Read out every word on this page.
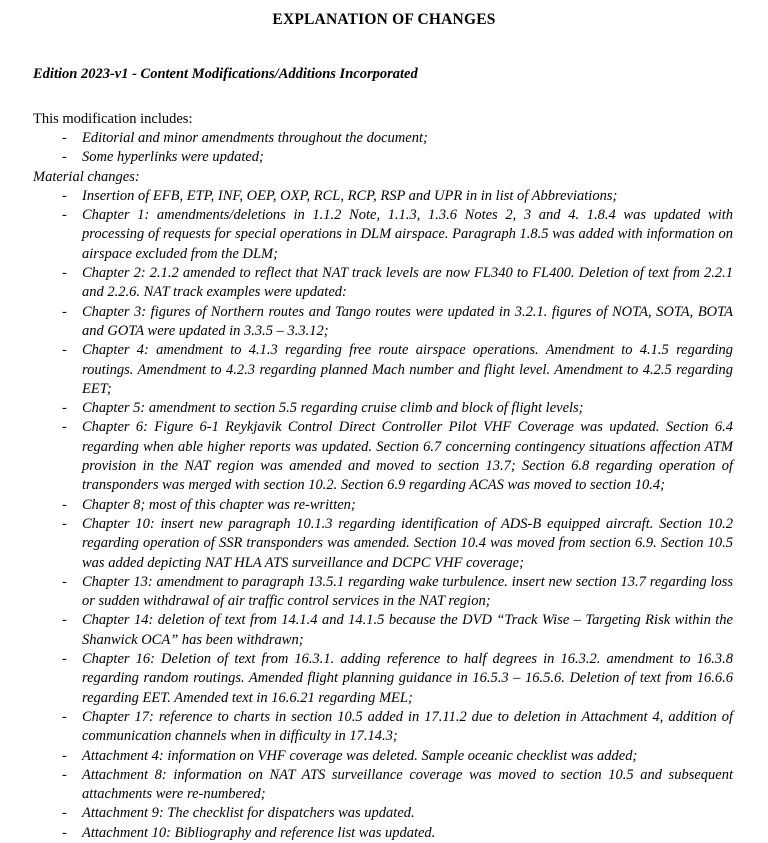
EXPLANATION OF CHANGES

Edition 2023-v1 - Content Modifications/Additions Incorporated

This modification includes:

- Editorial and minor amendments throughout the document;
- Some hyperlinks were updated;

Material changes:

- Insertion of EFB, ETP, INF, OEP, OXP, RCL, RCP, RSP and UPR in in list of Abbreviations;
- Chapter 1: amendments/deletions in 1.1.2 Note, 1.1.3, 1.3.6 Notes 2, 3 and 4. 1.8.4 was updated with processing of requests for special operations in DLM airspace. Paragraph 1.8.5 was added with information on airspace excluded from the DLM;
- Chapter 2: 2.1.2 amended to reflect that NAT track levels are now FL340 to FL400. Deletion of text from 2.2.1 and 2.2.6. NAT track examples were updated:
- Chapter 3: figures of Northern routes and Tango routes were updated in 3.2.1. figures of NOTA, SOTA, BOTA and GOTA were updated in 3.3.5 – 3.3.12;
- Chapter 4: amendment to 4.1.3 regarding free route airspace operations. Amendment to 4.1.5 regarding routings. Amendment to 4.2.3 regarding planned Mach number and flight level. Amendment to 4.2.5 regarding EET;
- Chapter 5: amendment to section 5.5 regarding cruise climb and block of flight levels;
- Chapter 6: Figure 6-1 Reykjavik Control Direct Controller Pilot VHF Coverage was updated. Section 6.4 regarding when able higher reports was updated. Section 6.7 concerning contingency situations affection ATM provision in the NAT region was amended and moved to section 13.7; Section 6.8 regarding operation of transponders was merged with section 10.2. Section 6.9 regarding ACAS was moved to section 10.4;
- Chapter 8; most of this chapter was re-written;
- Chapter 10: insert new paragraph 10.1.3 regarding identification of ADS-B equipped aircraft. Section 10.2 regarding operation of SSR transponders was amended. Section 10.4 was moved from section 6.9. Section 10.5 was added depicting NAT HLA ATS surveillance and DCPC VHF coverage;
- Chapter 13: amendment to paragraph 13.5.1 regarding wake turbulence. insert new section 13.7 regarding loss or sudden withdrawal of air traffic control services in the NAT region;
- Chapter 14: deletion of text from 14.1.4 and 14.1.5 because the DVD “Track Wise – Targeting Risk within the Shanwick OCA” has been withdrawn;
- Chapter 16: Deletion of text from 16.3.1. adding reference to half degrees in 16.3.2. amendment to 16.3.8 regarding random routings. Amended flight planning guidance in 16.5.3 – 16.5.6. Deletion of text from 16.6.6 regarding EET. Amended text in 16.6.21 regarding MEL;
- Chapter 17: reference to charts in section 10.5 added in 17.11.2 due to deletion in Attachment 4, addition of communication channels when in difficulty in 17.14.3;
- Attachment 4: information on VHF coverage was deleted. Sample oceanic checklist was added;
- Attachment 8: information on NAT ATS surveillance coverage was moved to section 10.5 and subsequent attachments were re-numbered;
- Attachment 9: The checklist for dispatchers was updated.
- Attachment 10: Bibliography and reference list was updated.
